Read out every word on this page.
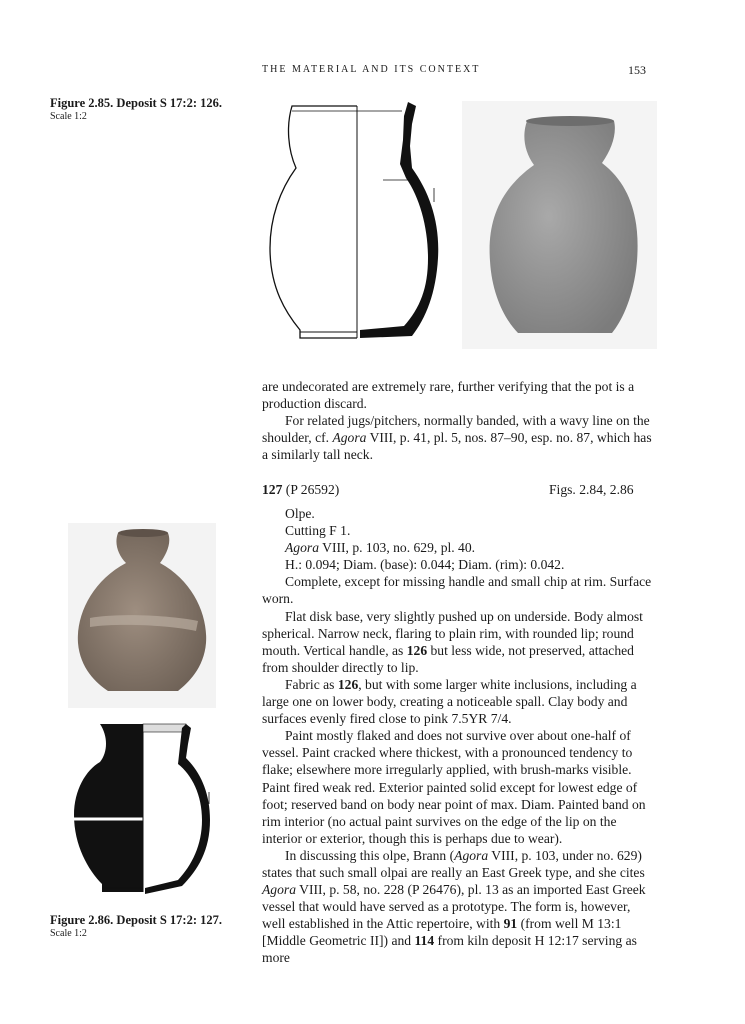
THE MATERIAL AND ITS CONTEXT	153
Figure 2.85. Deposit S 17:2: 126.
Scale 1:2

are undecorated are extremely rare, further verifying that the pot is a production discard.

For related jugs/pitchers, normally banded, with a wavy line on the shoulder, cf. Agora VIII, p. 41, pl. 5, nos. 87–90, esp. no. 87, which has a similarly tall neck.

127 (P 26592)	Figs. 2.84, 2.86
Olpe.
Cutting F 1.
Agora VIII, p. 103, no. 629, pl. 40.
H.: 0.094; Diam. (base): 0.044; Diam. (rim): 0.042.

Complete, except for missing handle and small chip at rim. Surface worn.

Flat disk base, very slightly pushed up on underside. Body almost spherical. Narrow neck, flaring to plain rim, with rounded lip; round mouth. Vertical handle, as 126 but less wide, not preserved, attached from shoulder directly to lip.

Fabric as 126, but with some larger white inclusions, including a large one on lower body, creating a noticeable spall. Clay body and surfaces evenly fired close to pink 7.5YR 7/4.

Paint mostly flaked and does not survive over about one-half of vessel. Paint cracked where thickest, with a pronounced tendency to flake; elsewhere more irregularly applied, with brush-marks visible. Paint fired weak red. Exterior painted solid except for lowest edge of foot; reserved band on body near point of max. Diam. Painted band on rim interior (no actual paint survives on the edge of the lip on the interior or exterior, though this is perhaps due to wear).

In discussing this olpe, Brann (Agora VIII, p. 103, under no. 629) states that such small olpai are really an East Greek type, and she cites Agora VIII, p. 58, no. 228 (P 26476), pl. 13 as an imported East Greek vessel that would have served as a prototype. The form is, however, well established in the Attic repertoire, with 91 (from well M 13:1 [Middle Geometric II]) and 114 from kiln deposit H 12:17 serving as more

Figure 2.86. Deposit S 17:2: 127.
Scale 1:2
